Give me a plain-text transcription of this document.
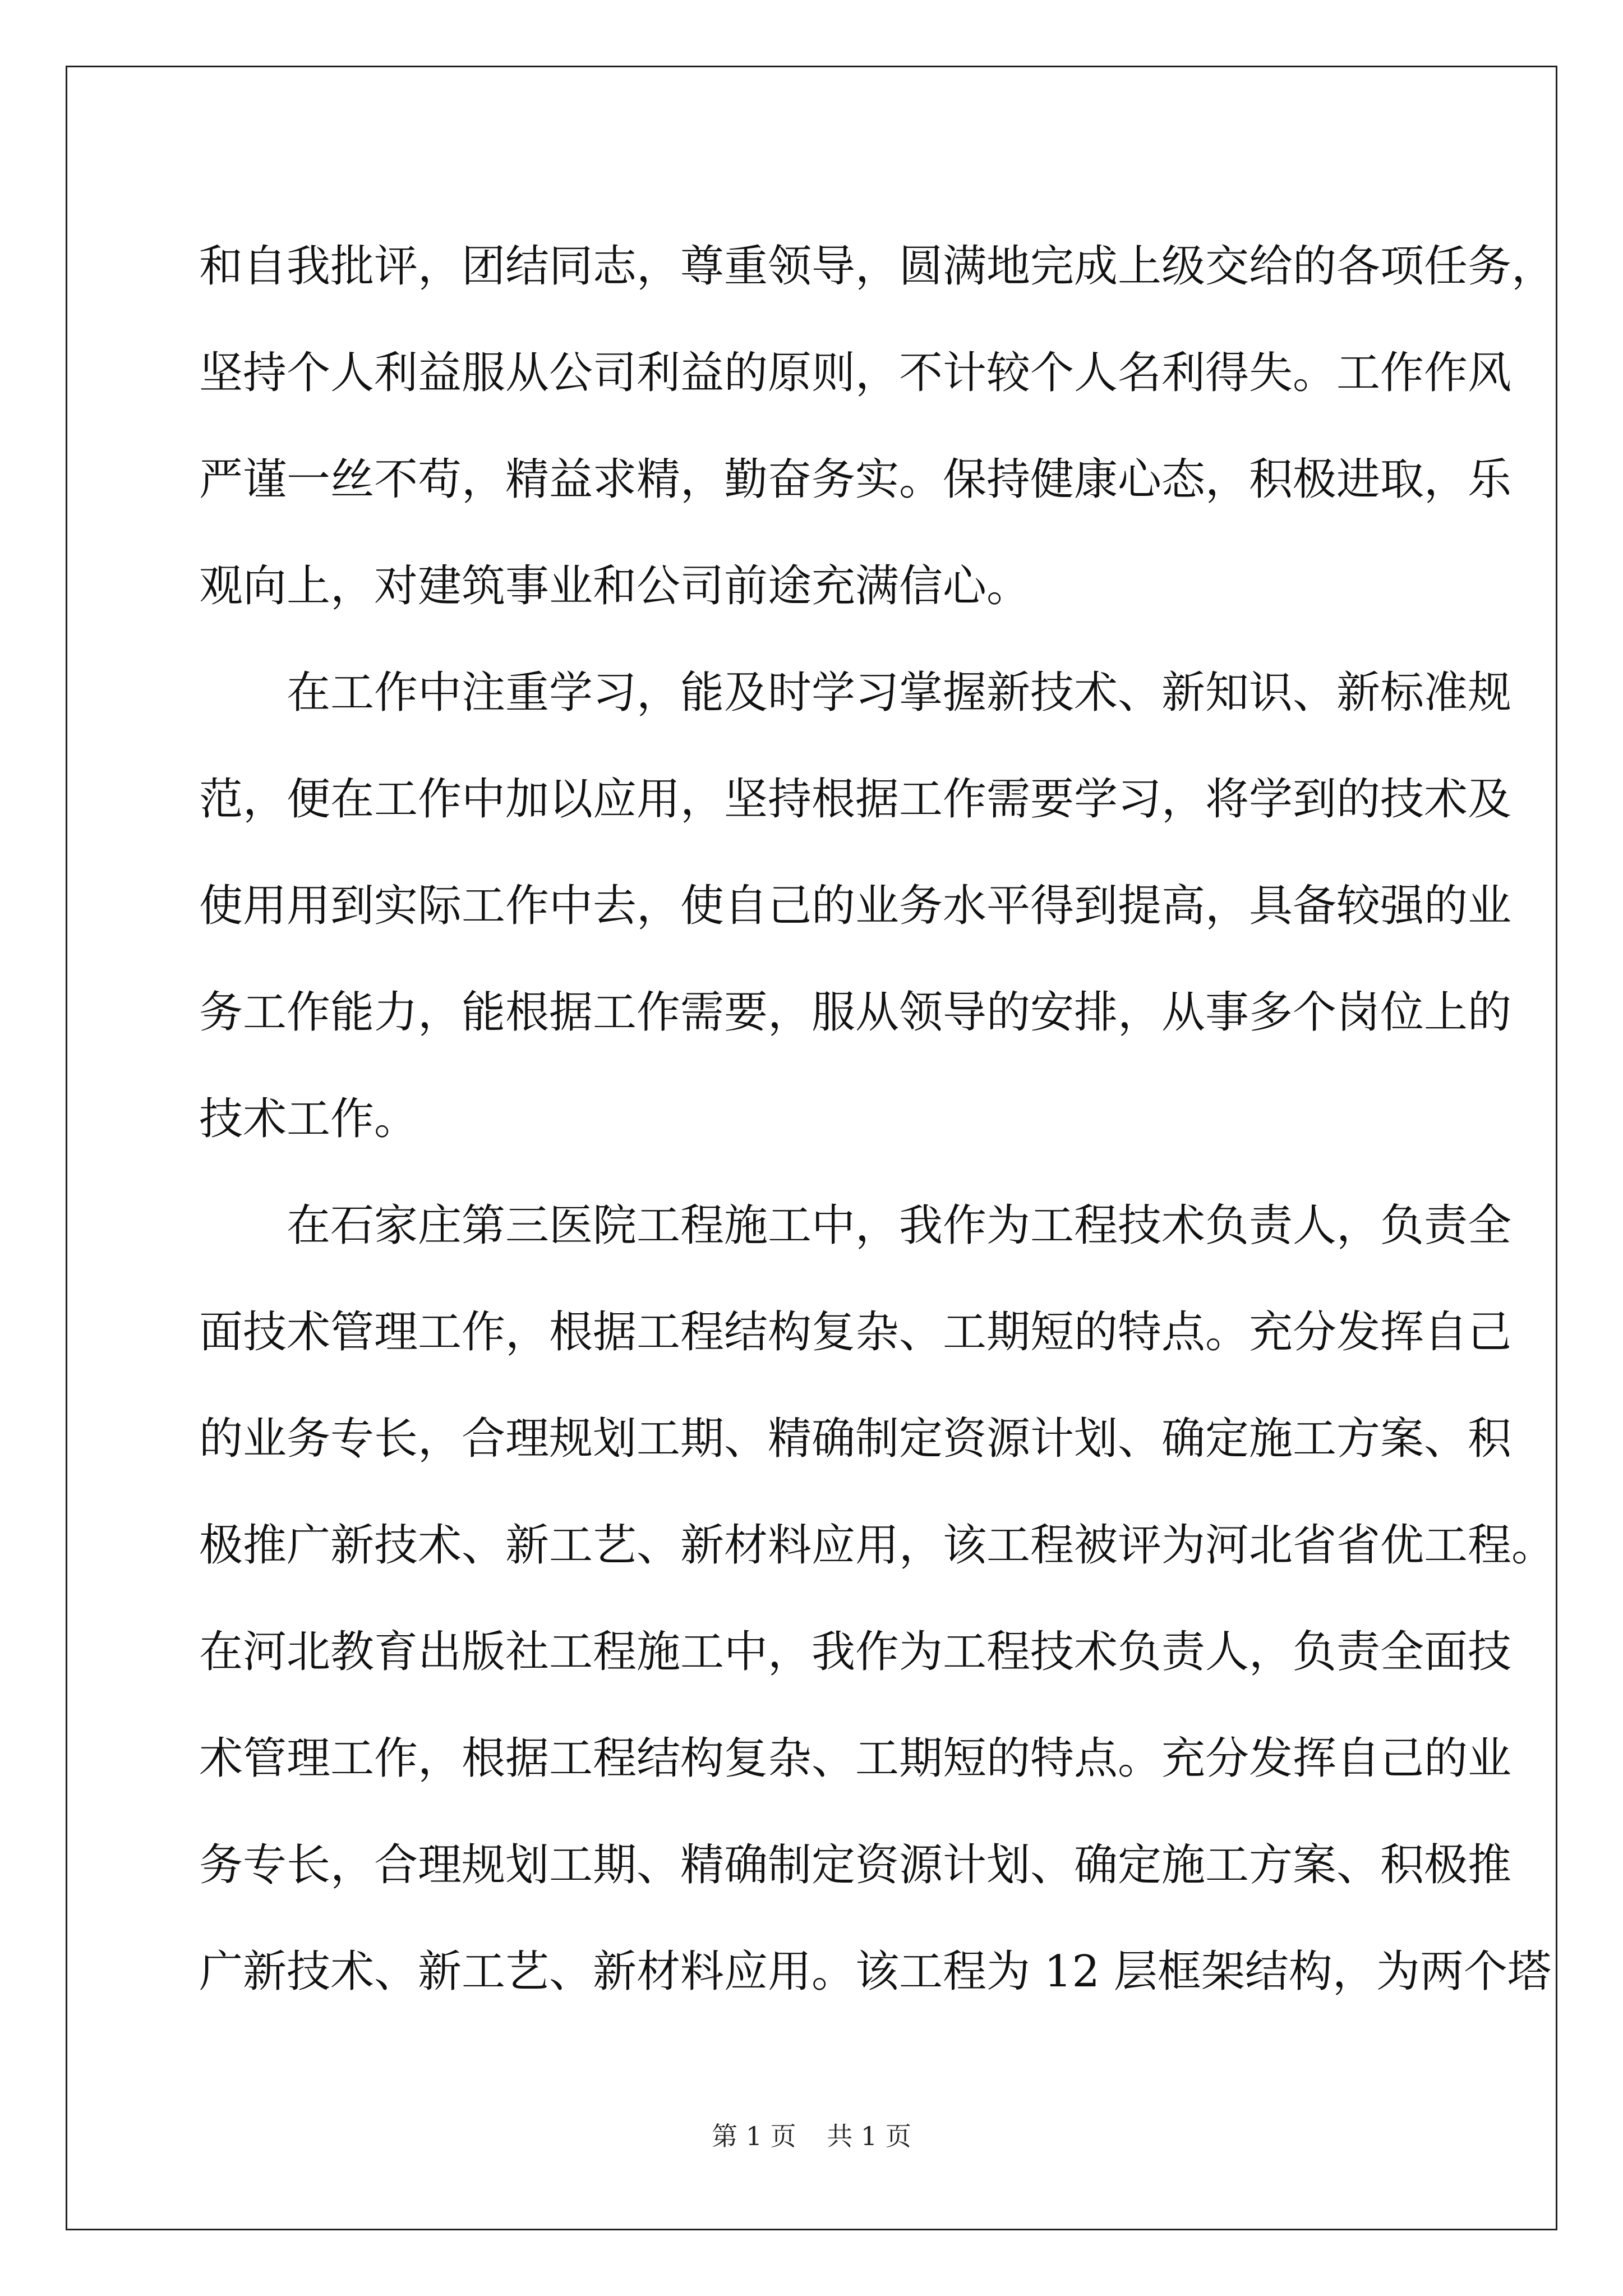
和自我批评，团结同志，尊重领导，圆满地完成上级交给的各项任务，
坚持个人利益服从公司利益的原则，不计较个人名利得失。工作作风
严谨一丝不苟，精益求精，勤奋务实。保持健康心态，积极进取，乐
观向上，对建筑事业和公司前途充满信心。
　　在工作中注重学习，能及时学习掌握新技术、新知识、新标准规
范，便在工作中加以应用，坚持根据工作需要学习，将学到的技术及
使用用到实际工作中去，使自己的业务水平得到提高，具备较强的业
务工作能力，能根据工作需要，服从领导的安排，从事多个岗位上的
技术工作。
　　在石家庄第三医院工程施工中，我作为工程技术负责人，负责全
面技术管理工作，根据工程结构复杂、工期短的特点。充分发挥自己
的业务专长，合理规划工期、精确制定资源计划、确定施工方案、积
极推广新技术、新工艺、新材料应用，该工程被评为河北省省优工程。
在河北教育出版社工程施工中，我作为工程技术负责人，负责全面技
术管理工作，根据工程结构复杂、工期短的特点。充分发挥自己的业
务专长，合理规划工期、精确制定资源计划、确定施工方案、积极推
广新技术、新工艺、新材料应用。该工程为 12 层框架结构，为两个塔
第 1 页 共 1 页
